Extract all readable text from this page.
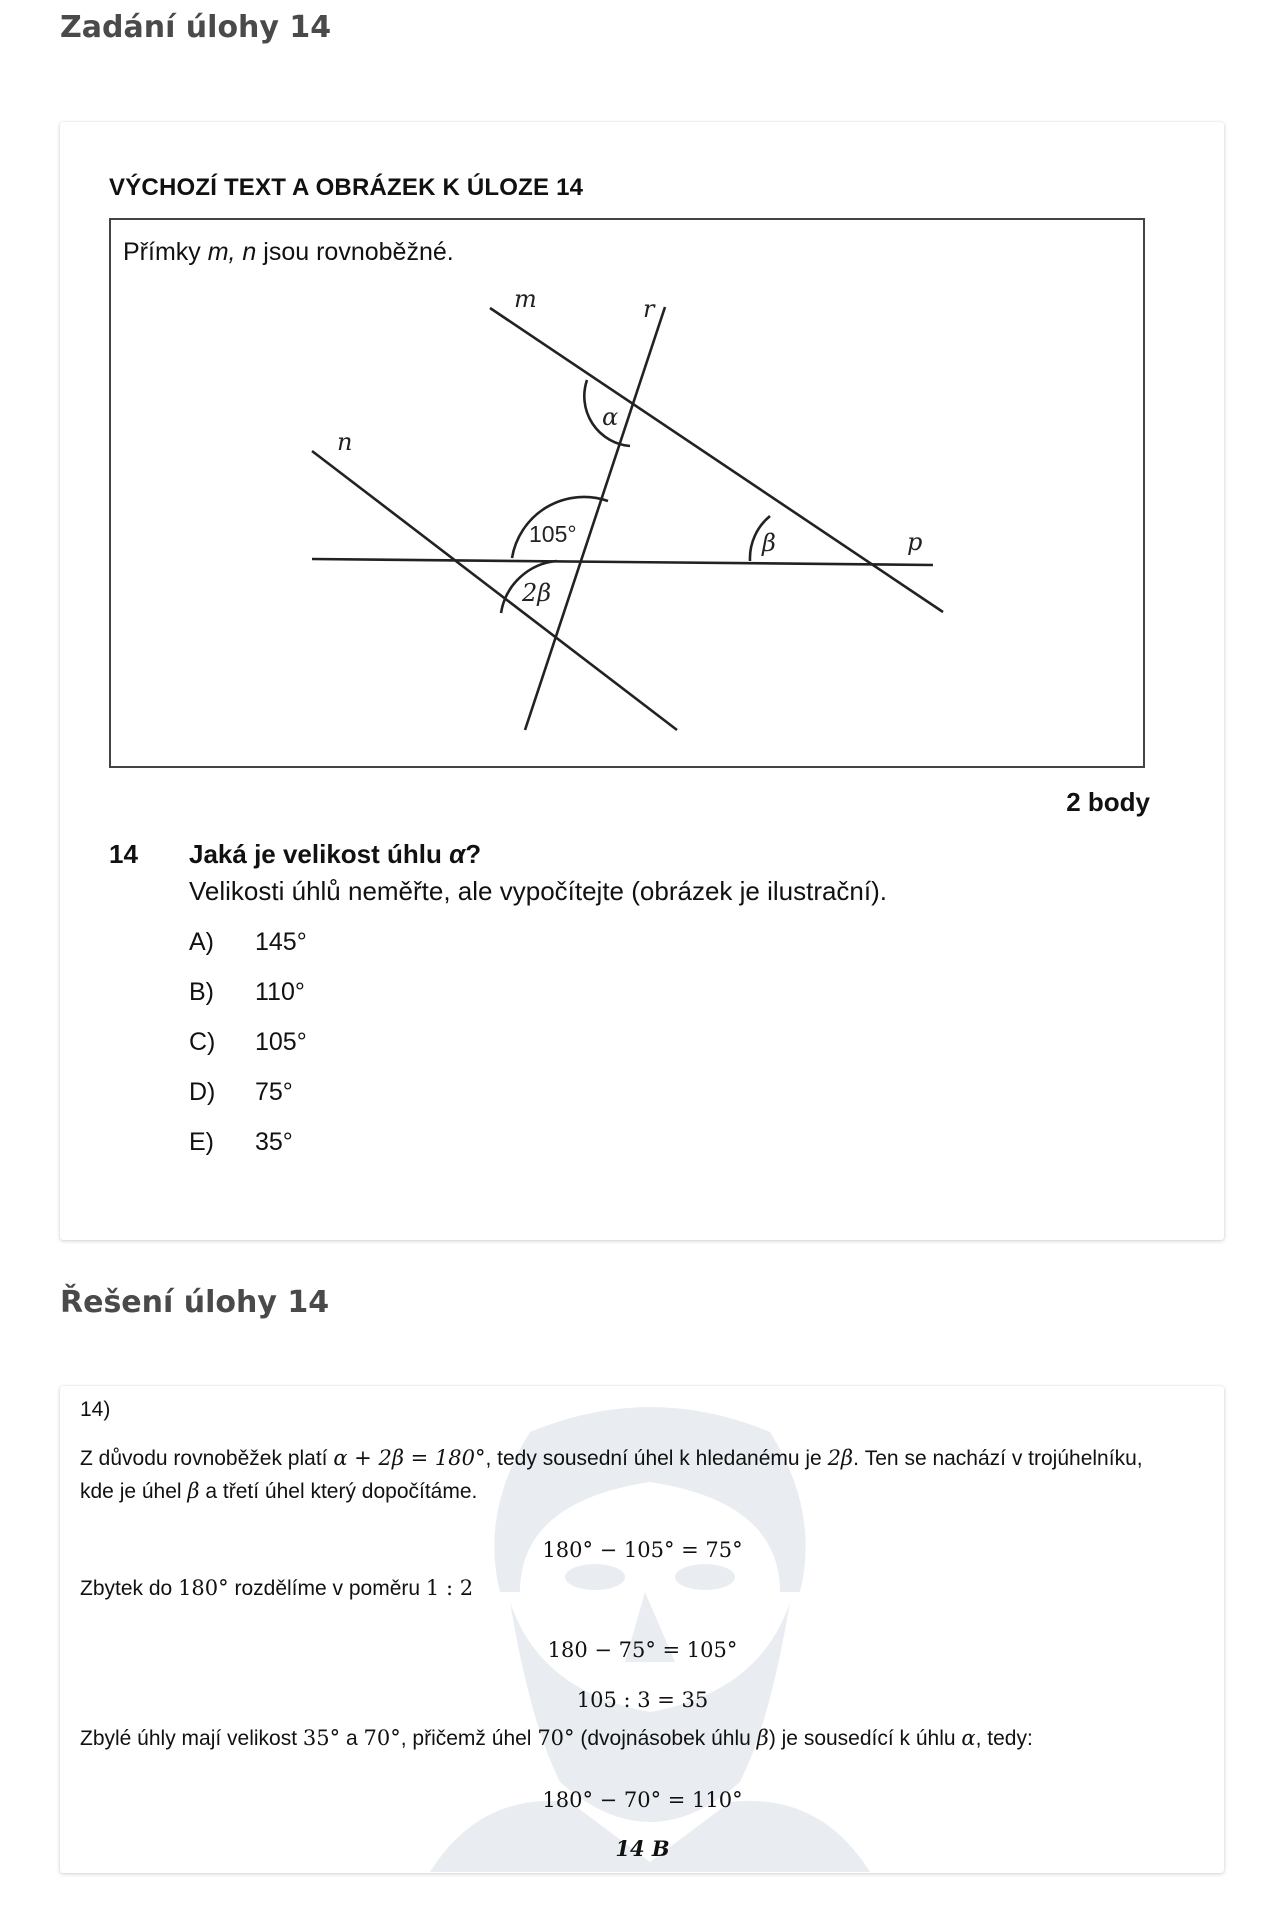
Zadání úlohy 14
VÝCHOZÍ TEXT A OBRÁZEK K ÚLOZE 14
Přímky m, n jsou rovnoběžné.
m	r
n
p
α
β
2β
105°
2 body
14 Jaká je velikost úhlu α?
Velikosti úhlů neměřte, ale vypočítejte (obrázek je ilustrační).
A)	145°
B)	110°
C)	105°
D)	75°
E)	35°
Řešení úlohy 14
14)

Z důvodu rovnoběžek platí α + 2β = 180°, tedy sousední úhel k hledanému je 2β. Ten se nachází v trojúhelníku,
kde je úhel β a třetí úhel který dopočítáme.

180° − 105° = 75°

Zbytek do 180° rozdělíme v poměru 1 : 2

180 − 75° = 105°
105 : 3 = 35

Zbylé úhly mají velikost 35° a 70°, přičemž úhel 70° (dvojnásobek úhlu β) je sousedící k úhlu α, tedy:

180° − 70° = 110°
14 B
